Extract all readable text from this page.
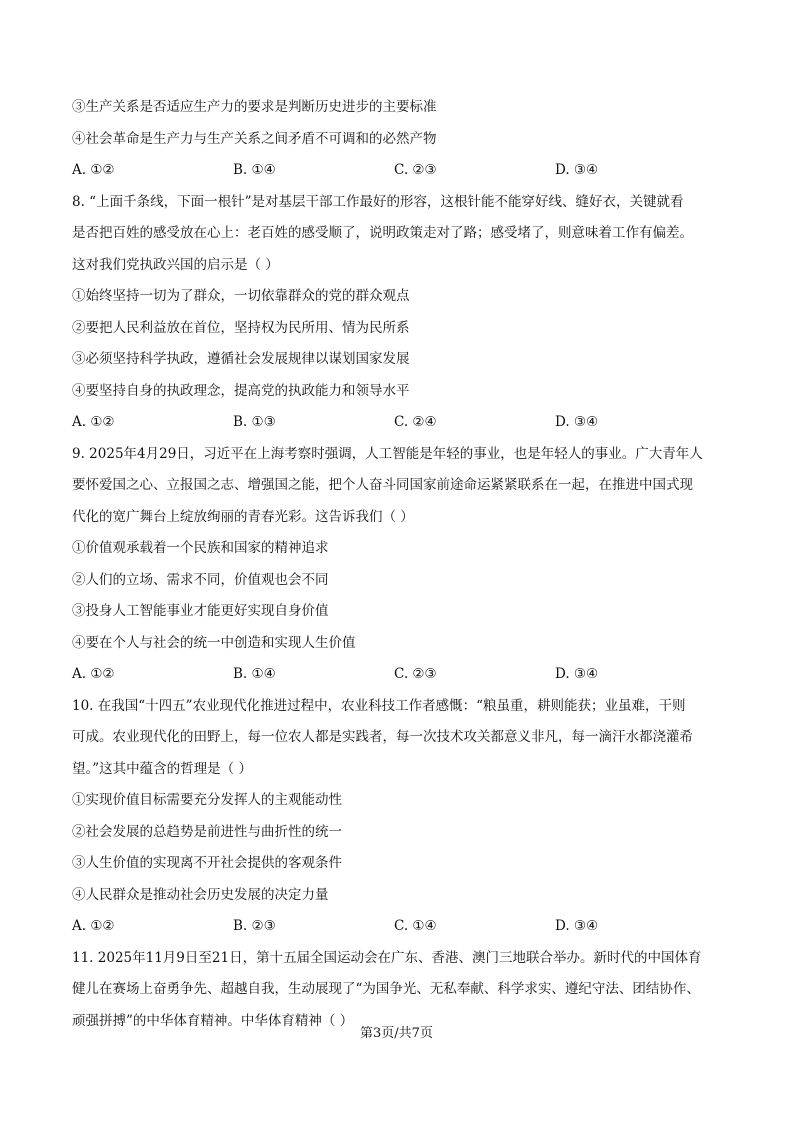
③生产关系是否适应生产力的要求是判断历史进步的主要标准
④社会革命是生产力与生产关系之间矛盾不可调和的必然产物
A. ①②	B. ①④	C. ②③	D. ③④
8. “上面千条线，下面一根针”是对基层干部工作最好的形容，这根针能不能穿好线、缝好衣，关键就看
是否把百姓的感受放在心上：老百姓的感受顺了，说明政策走对了路；感受堵了，则意味着工作有偏差。
这对我们党执政兴国的启示是（ ）
①始终坚持一切为了群众，一切依靠群众的党的群众观点
②要把人民利益放在首位，坚持权为民所用、情为民所系
③必须坚持科学执政，遵循社会发展规律以谋划国家发展
④要坚持自身的执政理念，提高党的执政能力和领导水平
A. ①②	B. ①③	C. ②④	D. ③④
9. 2025年4月29日，习近平在上海考察时强调，人工智能是年轻的事业，也是年轻人的事业。广大青年人
要怀爱国之心、立报国之志、增强国之能，把个人奋斗同国家前途命运紧紧联系在一起，在推进中国式现
代化的宽广舞台上绽放绚丽的青春光彩。这告诉我们（ ）
①价值观承载着一个民族和国家的精神追求
②人们的立场、需求不同，价值观也会不同
③投身人工智能事业才能更好实现自身价值
④要在个人与社会的统一中创造和实现人生价值
A. ①②	B. ①④	C. ②③	D. ③④
10. 在我国“十四五”农业现代化推进过程中，农业科技工作者感慨：“粮虽重，耕则能获；业虽难，干则
可成。农业现代化的田野上，每一位农人都是实践者，每一次技术攻关都意义非凡，每一滴汗水都浇灌希
望。”这其中蕴含的哲理是（ ）
①实现价值目标需要充分发挥人的主观能动性
②社会发展的总趋势是前进性与曲折性的统一
③人生价值的实现离不开社会提供的客观条件
④人民群众是推动社会历史发展的决定力量
A. ①②	B. ②③	C. ①④	D. ③④
11. 2025年11月9日至21日，第十五届全国运动会在广东、香港、澳门三地联合举办。新时代的中国体育
健儿在赛场上奋勇争先、超越自我，生动展现了“为国争光、无私奉献、科学求实、遵纪守法、团结协作、
顽强拼搏”的中华体育精神。中华体育精神（ ）
第3页/共7页
